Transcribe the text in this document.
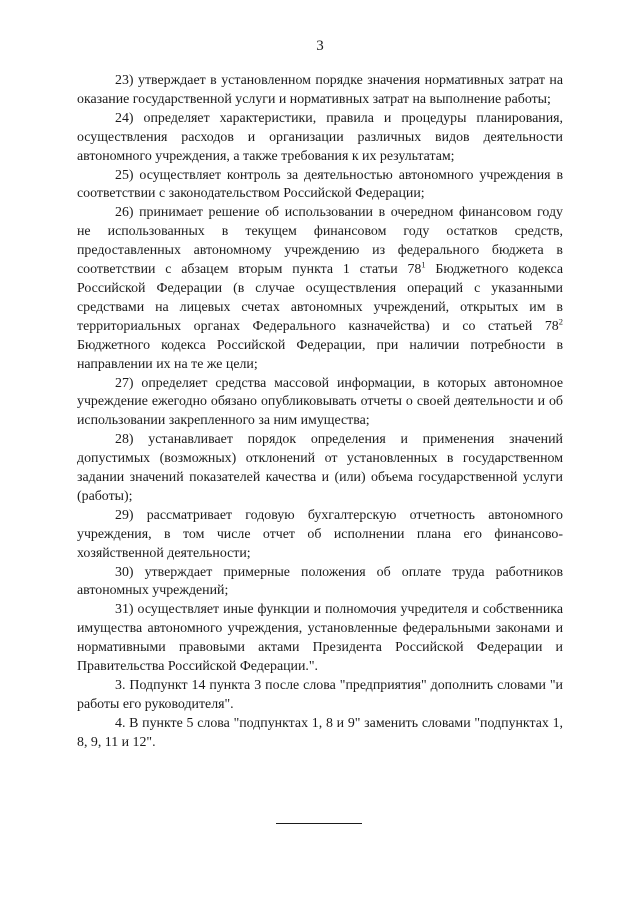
3

23) утверждает в установленном порядке значения нормативных затрат на оказание государственной услуги и нормативных затрат на выполнение работы;

24) определяет характеристики, правила и процедуры планирования, осуществления расходов и организации различных видов деятельности автономного учреждения, а также требования к их результатам;

25) осуществляет контроль за деятельностью автономного учреждения в соответствии с законодательством Российской Федерации;

26) принимает решение об использовании в очередном финансовом году не использованных в текущем финансовом году остатков средств, предоставленных автономному учреждению из федерального бюджета в соответствии с абзацем вторым пункта 1 статьи $78^1$ Бюджетного кодекса Российской Федерации (в случае осуществления операций с указанными средствами на лицевых счетах автономных учреждений, открытых им в территориальных органах Федерального казначейства) и со статьей $78^2$ Бюджетного кодекса Российской Федерации, при наличии потребности в направлении их на те же цели;

27) определяет средства массовой информации, в которых автономное учреждение ежегодно обязано опубликовывать отчеты о своей деятельности и об использовании закрепленного за ним имущества;

28) устанавливает порядок определения и применения значений допустимых (возможных) отклонений от установленных в государственном задании значений показателей качества и (или) объема государственной услуги (работы);

29) рассматривает годовую бухгалтерскую отчетность автономного учреждения, в том числе отчет об исполнении плана его финансово-хозяйственной деятельности;

30) утверждает примерные положения об оплате труда работников автономных учреждений;

31) осуществляет иные функции и полномочия учредителя и собственника имущества автономного учреждения, установленные федеральными законами и нормативными правовыми актами Президента Российской Федерации и Правительства Российской Федерации.".

3. Подпункт 14 пункта 3 после слова "предприятия" дополнить словами "и работы его руководителя".

4. В пункте 5 слова "подпунктах 1, 8 и 9" заменить словами "подпунктах 1, 8, 9, 11 и 12".
